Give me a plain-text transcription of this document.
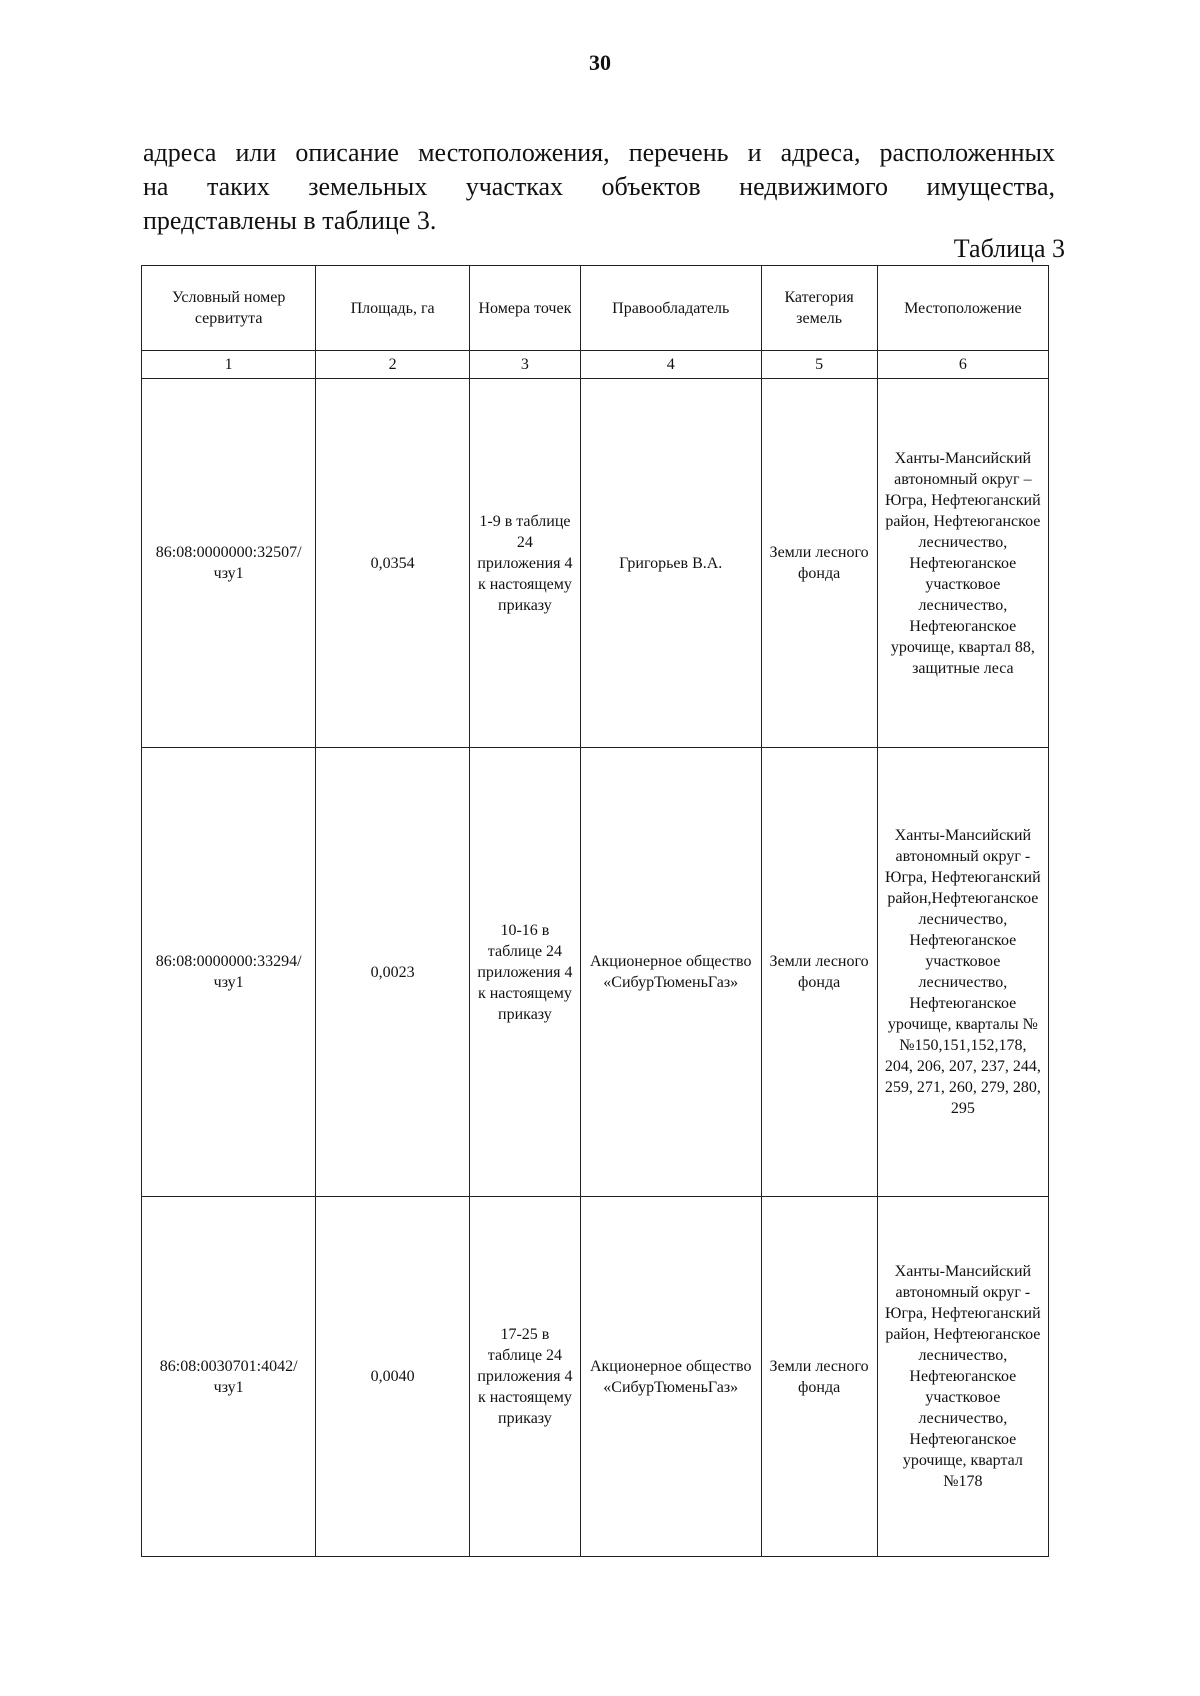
30
адреса или описание местоположения, перечень и адреса, расположенных
на таких земельных участках объектов недвижимого имущества,
представлены в таблице 3.
Таблица 3
Условный номер сервитута	Площадь, га	Номера точек	Правообладатель	Категория земель	Местоположение
1	2	3	4	5	6
86:08:0000000:32507/чзу1	0,0354	1-9 в таблице 24 приложения 4 к настоящему приказу	Григорьев В.А.	Земли лесного фонда	Ханты-Мансийский автономный округ – Югра, Нефтеюганский район, Нефтеюганское лесничество, Нефтеюганское участковое лесничество, Нефтеюганское урочище, квартал 88, защитные леса
86:08:0000000:33294/чзу1	0,0023	10-16 в таблице 24 приложения 4 к настоящему приказу	Акционерное общество «СибурТюменьГаз»	Земли лесного фонда	Ханты-Мансийский автономный округ - Югра, Нефтеюганский район,Нефтеюганское лесничество, Нефтеюганское участковое лесничество, Нефтеюганское урочище, кварталы №№150,151,152,178, 204, 206, 207, 237, 244, 259, 271, 260, 279, 280, 295
86:08:0030701:4042/чзу1	0,0040	17-25 в таблице 24 приложения 4 к настоящему приказу	Акционерное общество «СибурТюменьГаз»	Земли лесного фонда	Ханты-Мансийский автономный округ - Югра, Нефтеюганский район, Нефтеюганское лесничество, Нефтеюганское участковое лесничество, Нефтеюганское урочище, квартал №178
